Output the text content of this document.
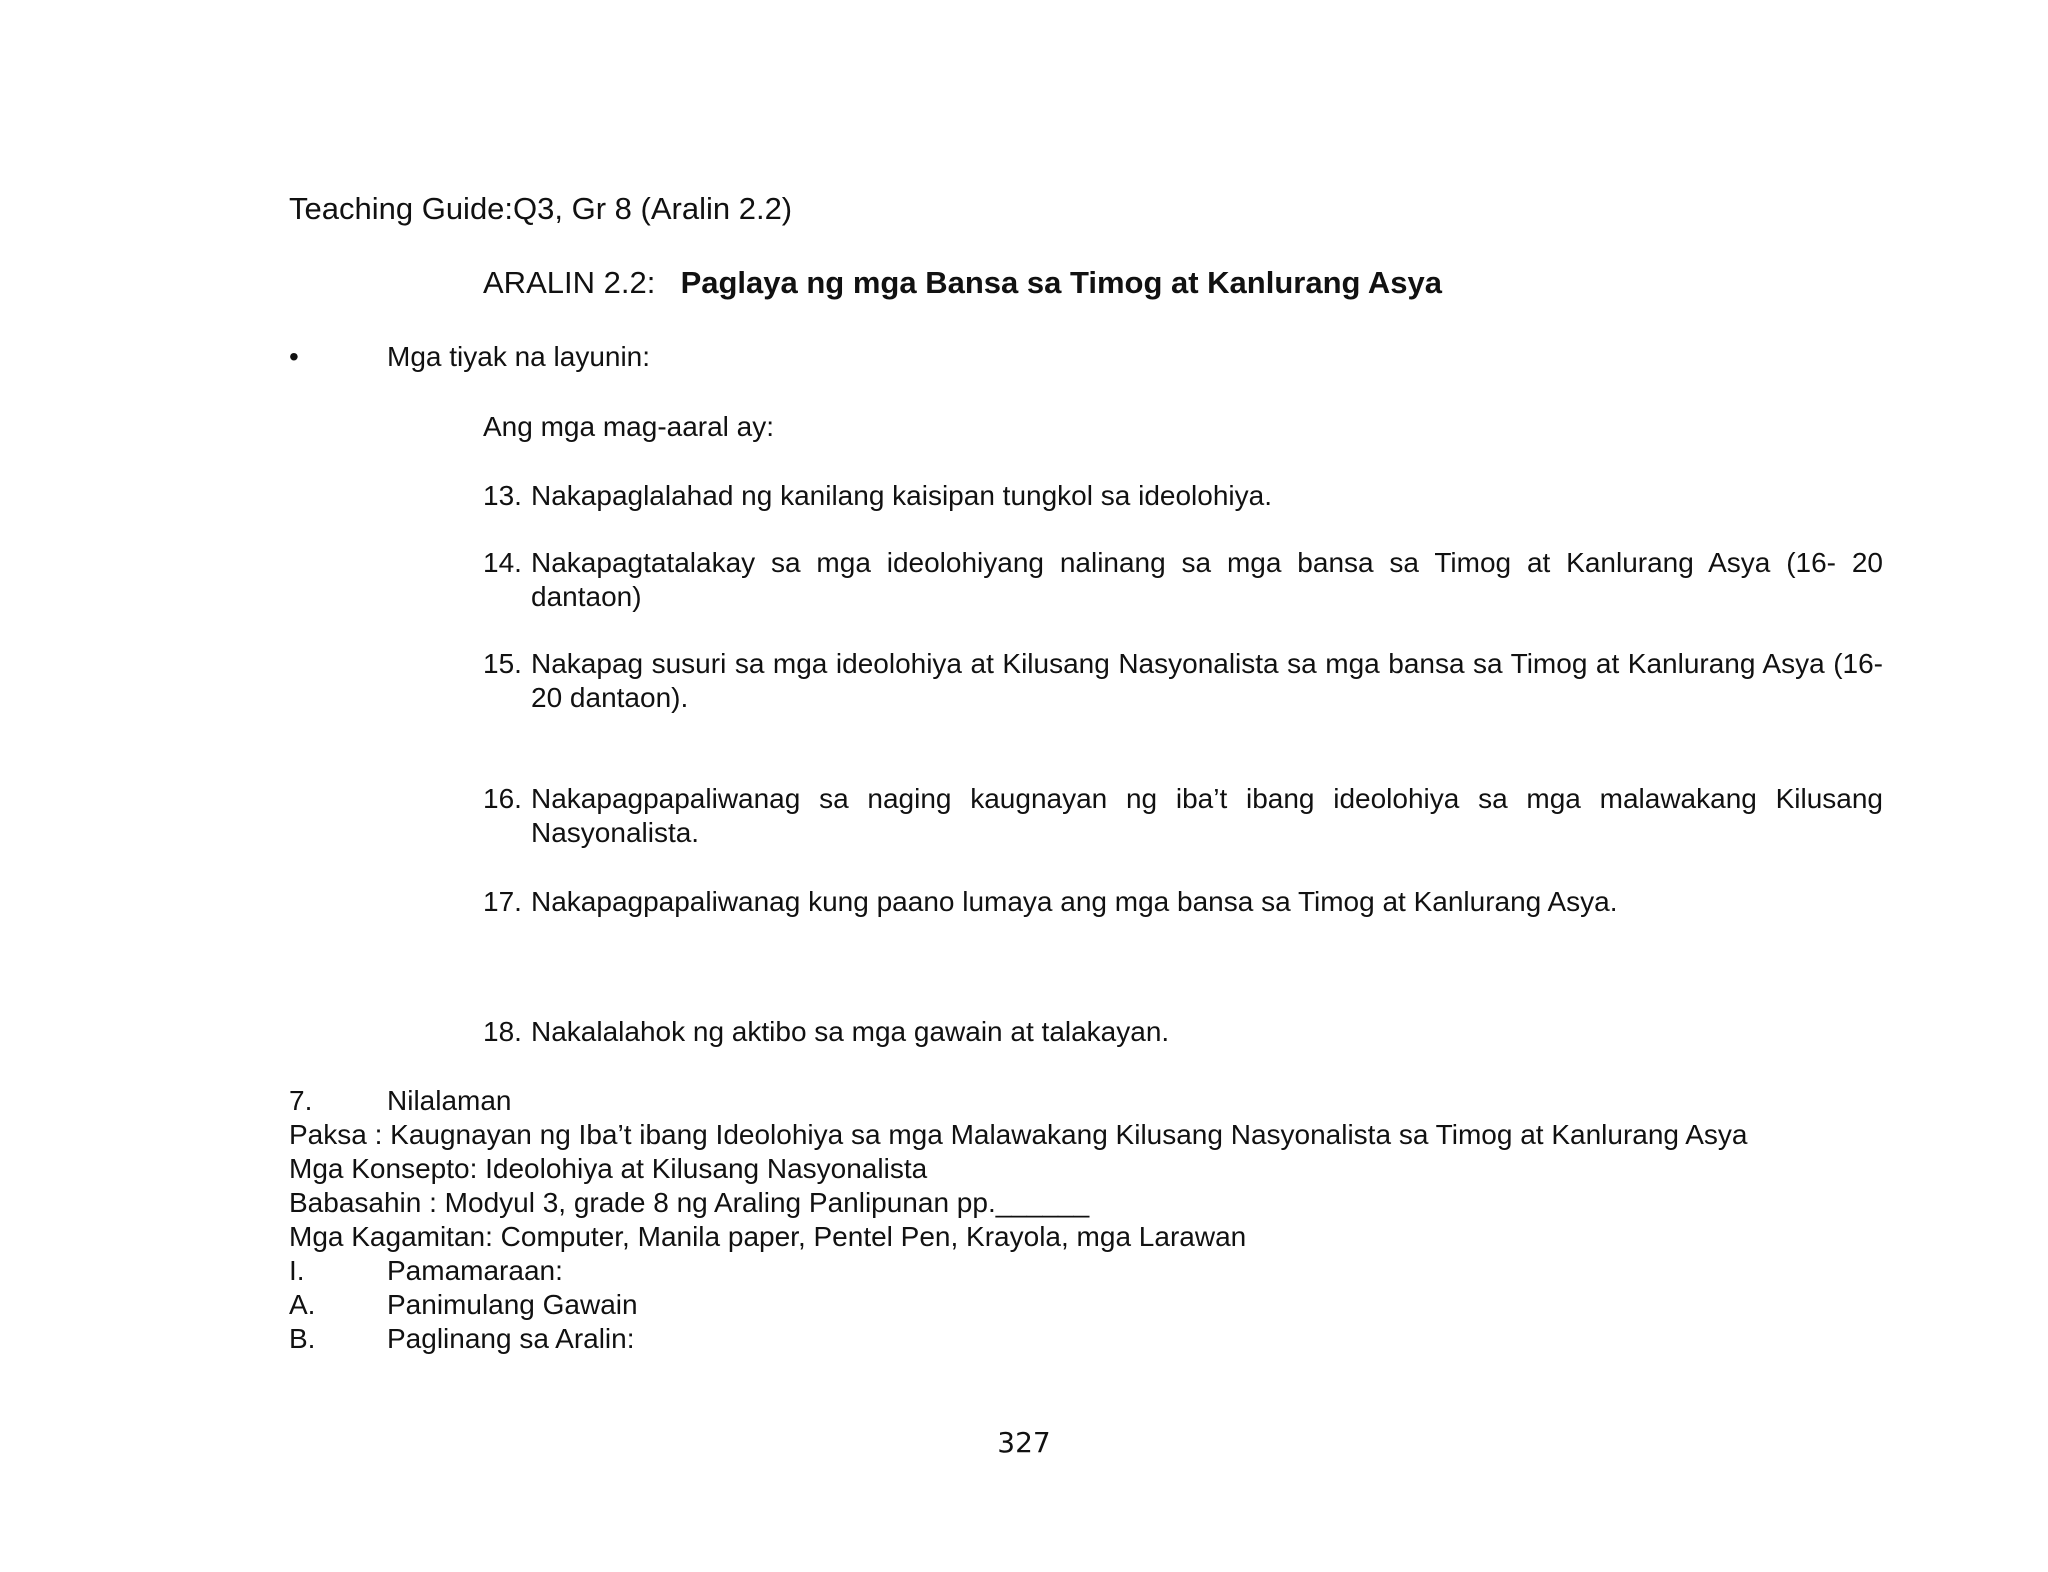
Teaching Guide:Q3, Gr 8 (Aralin 2.2)
ARALIN 2.2: Paglaya ng mga Bansa sa Timog at Kanlurang Asya
•	Mga tiyak na layunin:
Ang mga mag-aaral ay:
13. Nakapaglalahad ng kanilang kaisipan tungkol sa ideolohiya.
14. Nakapagtatalakay sa mga ideolohiyang nalinang sa mga bansa sa Timog at Kanlurang Asya (16- 20 dantaon)
15. Nakapag susuri sa mga ideolohiya at Kilusang Nasyonalista sa mga bansa sa Timog at Kanlurang Asya (16- 20 dantaon).
16. Nakapagpapaliwanag sa naging kaugnayan ng iba’t ibang ideolohiya sa mga malawakang Kilusang Nasyonalista.
17. Nakapagpapaliwanag kung paano lumaya ang mga bansa sa Timog at Kanlurang Asya.
18. Nakalalahok ng aktibo sa mga gawain at talakayan.
7.	Nilalaman
Paksa : Kaugnayan ng Iba’t ibang Ideolohiya sa mga Malawakang Kilusang Nasyonalista sa Timog at Kanlurang Asya
Mga Konsepto: Ideolohiya at Kilusang Nasyonalista
Babasahin : Modyul 3, grade 8 ng Araling Panlipunan pp.______
Mga Kagamitan: Computer, Manila paper, Pentel Pen, Krayola, mga Larawan
I.	Pamamaraan:
A.	Panimulang Gawain
B.	Paglinang sa Aralin:
327
